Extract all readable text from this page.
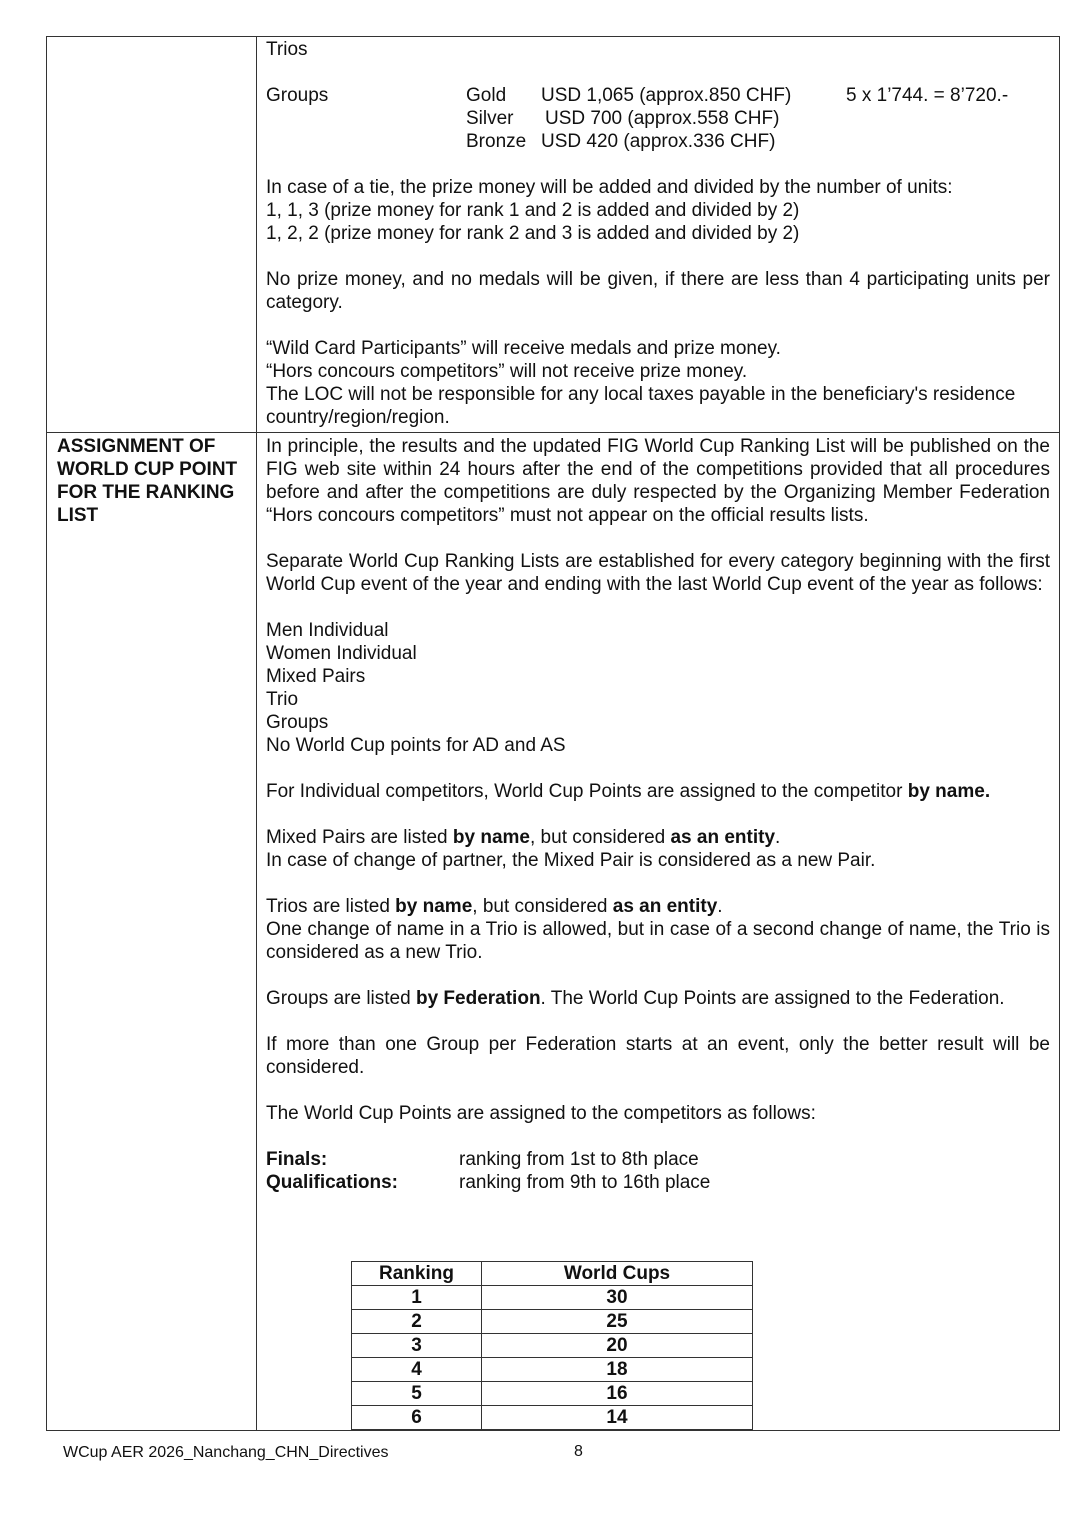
Trios

Groups	Gold USD 1,065 (approx.850 CHF)	5 x 1’744. = 8’720.-
Silver USD 700 (approx.558 CHF)
Bronze USD 420 (approx.336 CHF)

In case of a tie, the prize money will be added and divided by the number of units:

1, 1, 3 (prize money for rank 1 and 2 is added and divided by 2)

1, 2, 2 (prize money for rank 2 and 3 is added and divided by 2)

No prize money, and no medals will be given, if there are less than 4 participating units per category.

“Wild Card Participants” will receive medals and prize money.

“Hors concours competitors” will not receive prize money.

The LOC will not be responsible for any local taxes payable in the beneficiary's residence country/region/region.

ASSIGNMENT OF WORLD CUP POINT FOR THE RANKING LIST

In principle, the results and the updated FIG World Cup Ranking List will be published on the FIG web site within 24 hours after the end of the competitions provided that all procedures before and after the competitions are duly respected by the Organizing Member Federation “Hors concours competitors” must not appear on the official results lists.

Separate World Cup Ranking Lists are established for every category beginning with the first World Cup event of the year and ending with the last World Cup event of the year as follows:

Men Individual

Women Individual

Mixed Pairs

Trio

Groups

No World Cup points for AD and AS

For Individual competitors, World Cup Points are assigned to the competitor by name.

Mixed Pairs are listed by name, but considered as an entity.

In case of change of partner, the Mixed Pair is considered as a new Pair.

Trios are listed by name, but considered as an entity.

One change of name in a Trio is allowed, but in case of a second change of name, the Trio is considered as a new Trio.

Groups are listed by Federation. The World Cup Points are assigned to the Federation.

If more than one Group per Federation starts at an event, only the better result will be considered.

The World Cup Points are assigned to the competitors as follows:

Finals:	ranking from 1st to 8th place
Qualifications:	ranking from 9th to 16th place
Ranking	World Cups
1	30
2	25
3	20
4	18
5	16
6	14
WCup AER 2026_Nanchang_CHN_Directives	8
